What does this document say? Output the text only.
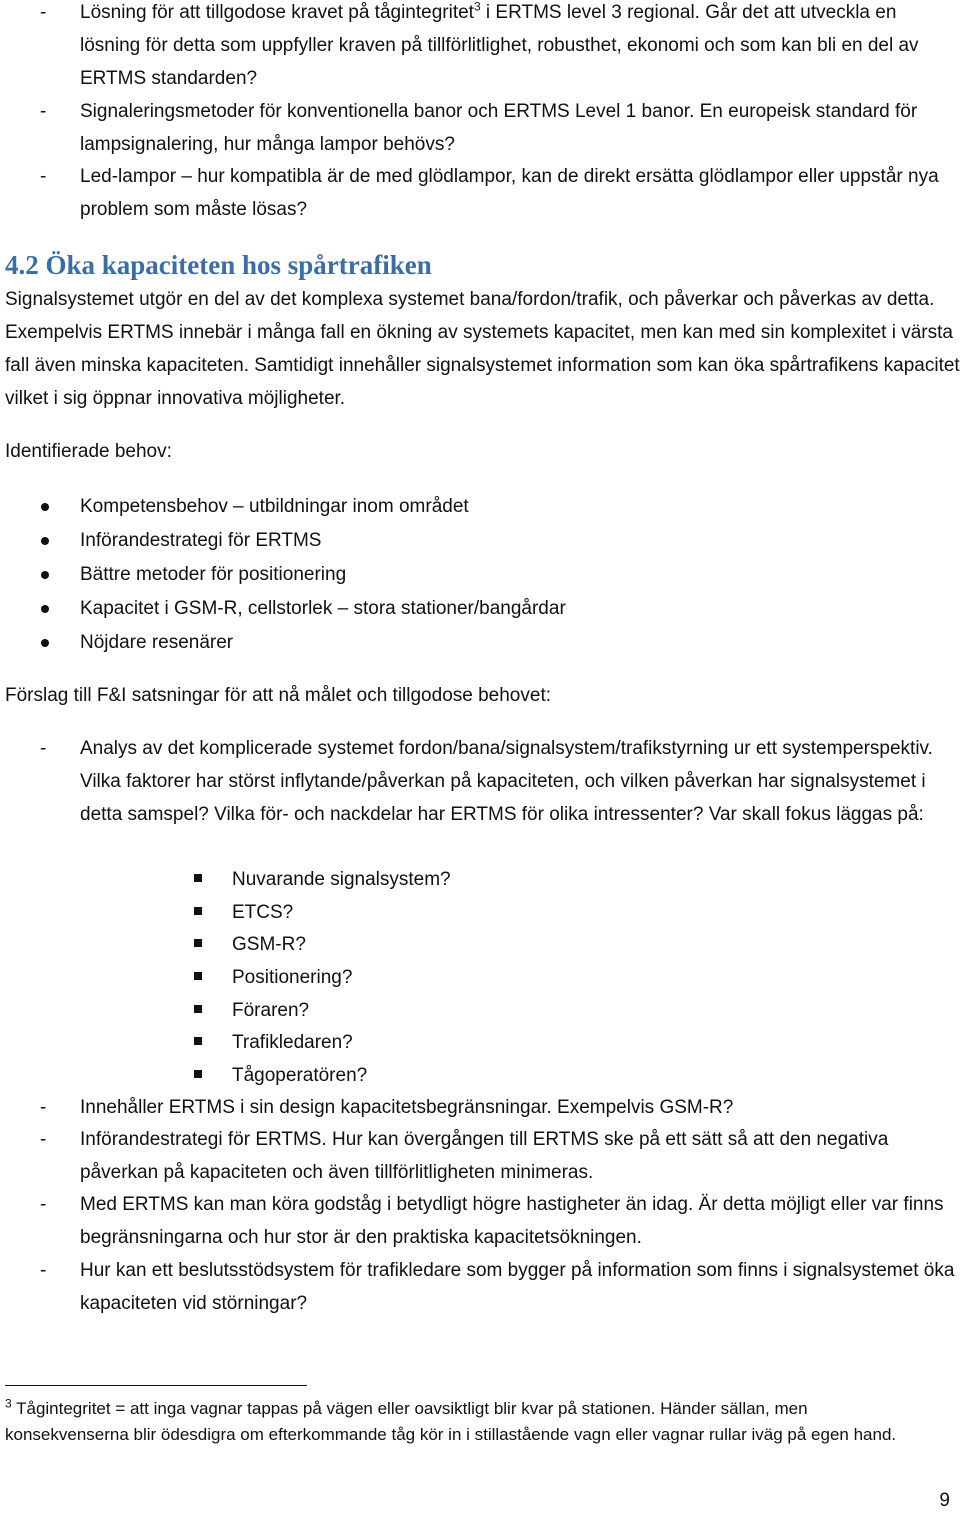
- Lösning för att tillgodose kravet på tågintegritet$^3$ i ERTMS level 3 regional. Går det att utveckla en lösning för detta som uppfyller kraven på tillförlitlighet, robusthet, ekonomi och som kan bli en del av ERTMS standarden?
- Signaleringsmetoder för konventionella banor och ERTMS Level 1 banor. En europeisk standard för lampsignalering, hur många lampor behövs?
- Led-lampor – hur kompatibla är de med glödlampor, kan de direkt ersätta glödlampor eller uppstår nya problem som måste lösas?
4.2 Öka kapaciteten hos spårtrafiken

Signalsystemet utgör en del av det komplexa systemet bana/fordon/trafik, och påverkar och påverkas av detta. Exempelvis ERTMS innebär i många fall en ökning av systemets kapacitet, men kan med sin komplexitet i värsta fall även minska kapaciteten. Samtidigt innehåller signalsystemet information som kan öka spårtrafikens kapacitet vilket i sig öppnar innovativa möjligheter.

Identifierade behov:

Kompetensbehov – utbildningar inom området
Införandestrategi för ERTMS
Bättre metoder för positionering
Kapacitet i GSM-R, cellstorlek – stora stationer/bangårdar
Nöjdare resenärer

Förslag till F&I satsningar för att nå målet och tillgodose behovet:

- Analys av det komplicerade systemet fordon/bana/signalsystem/trafikstyrning ur ett systemperspektiv. Vilka faktorer har störst inflytande/påverkan på kapaciteten, och vilken påverkan har signalsystemet i detta samspel? Vilka för- och nackdelar har ERTMS för olika intressenter? Var skall fokus läggas på:
Nuvarande signalsystem?
ETCS?
GSM-R?
Positionering?
Föraren?
Trafikledaren?
Tågoperatören?
- Innehåller ERTMS i sin design kapacitetsbegränsningar. Exempelvis GSM-R?
- Införandestrategi för ERTMS. Hur kan övergången till ERTMS ske på ett sätt så att den negativa påverkan på kapaciteten och även tillförlitligheten minimeras.
- Med ERTMS kan man köra godståg i betydligt högre hastigheter än idag. Är detta möjligt eller var finns begränsningarna och hur stor är den praktiska kapacitetsökningen.
- Hur kan ett beslutsstödsystem för trafikledare som bygger på information som finns i signalsystemet öka kapaciteten vid störningar?

$^3$ Tågintegritet = att inga vagnar tappas på vägen eller oavsiktligt blir kvar på stationen. Händer sällan, men konsekvenserna blir ödesdigra om efterkommande tåg kör in i stillastående vagn eller vagnar rullar iväg på egen hand.

9
